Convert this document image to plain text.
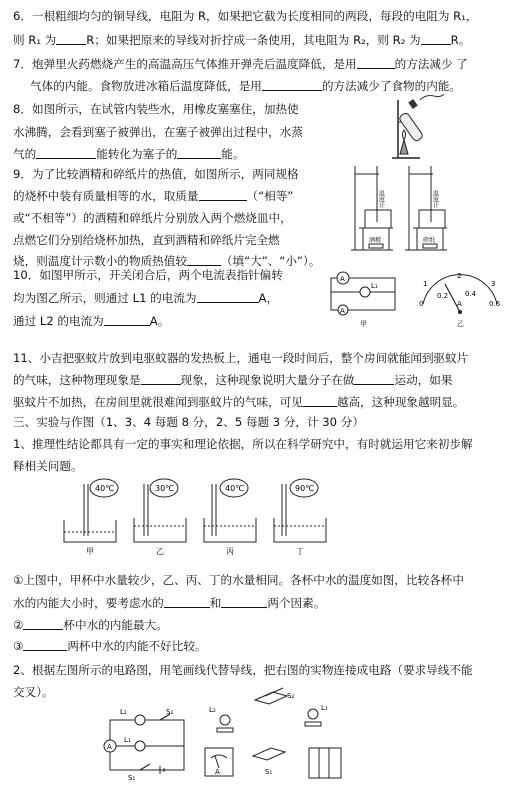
6．一根粗细均匀的铜导线，电阻为 R，如果把它截为长度相同的两段，每段的电阻为 R₁，
则 R₁ 为	R；如果把原来的导线对折拧成一条使用，其电阻为 R₂，则 R₂ 为	R。
7．炮弹里火药燃烧产生的高温高压气体推开弹壳后温度降低，是用	的方法减少 了
气体的内能。食物放进冰箱后温度降低，是用	的方法减少了食物的内能。
8．如图所示，在试管内装些水，用橡皮塞塞住，加热使
水沸腾，会看到塞子被弹出，在塞子被弹出过程中，水蒸
气的	能转化为塞子的	能。
9．为了比较酒精和碎纸片的热值，如图所示，两同规格
的烧杯中装有质量相等的水，取质量	（“相等”
或“不相等”）的酒精和碎纸片分别放入两个燃烧皿中，
点燃它们分别给烧杯加热，直到酒精和碎纸片完全燃
烧，则温度计示数小的物质热值较	（填“大”、“小”）。
温度计	温度计
酒精	碎纸
10．如图甲所示，开关闭合后，两个电流表指针偏转
均为图乙所示，则通过 L1 的电流为	A，
通过 L2 的电流为	A。
A
A
L₁
甲
1
2
3
0
0.2 0.4
0.6
A
乙
11、小吉把驱蚊片放到电驱蚊器的发热板上，通电一段时间后，整个房间就能闻到驱蚊片
的气味，这种物理现象是	现象，这种现象说明大量分子在做	运动，如果
驱蚊片不加热，在房间里就很难闻到驱蚊片的气味，可见	越高，这种现象越明显。
三、实验与作图（1、3、4 每题 8 分，2、5 每题 3 分，计 30 分）
1、推理性结论都具有一定的事实和理论依据，所以在科学研究中，有时就运用它来初步解
释相关问题。
40℃	30℃	40℃	90℃
甲	乙	丙	丁
①上图中，甲杯中水量较少，乙、丙、丁的水量相同。各杯中水的温度如图，比较各杯中
水的内能大小时，要考虑水的	和	两个因素。
②	杯中水的内能最大。
③	两杯中水的内能不好比较。
2、根据左图所示的电路图，用笔画线代替导线，把右图的实物连接成电路（要求导线不能
交叉）。
A
L₂
L₁
S₂
S₁
S₂
L₂	L₁
A	S₁
